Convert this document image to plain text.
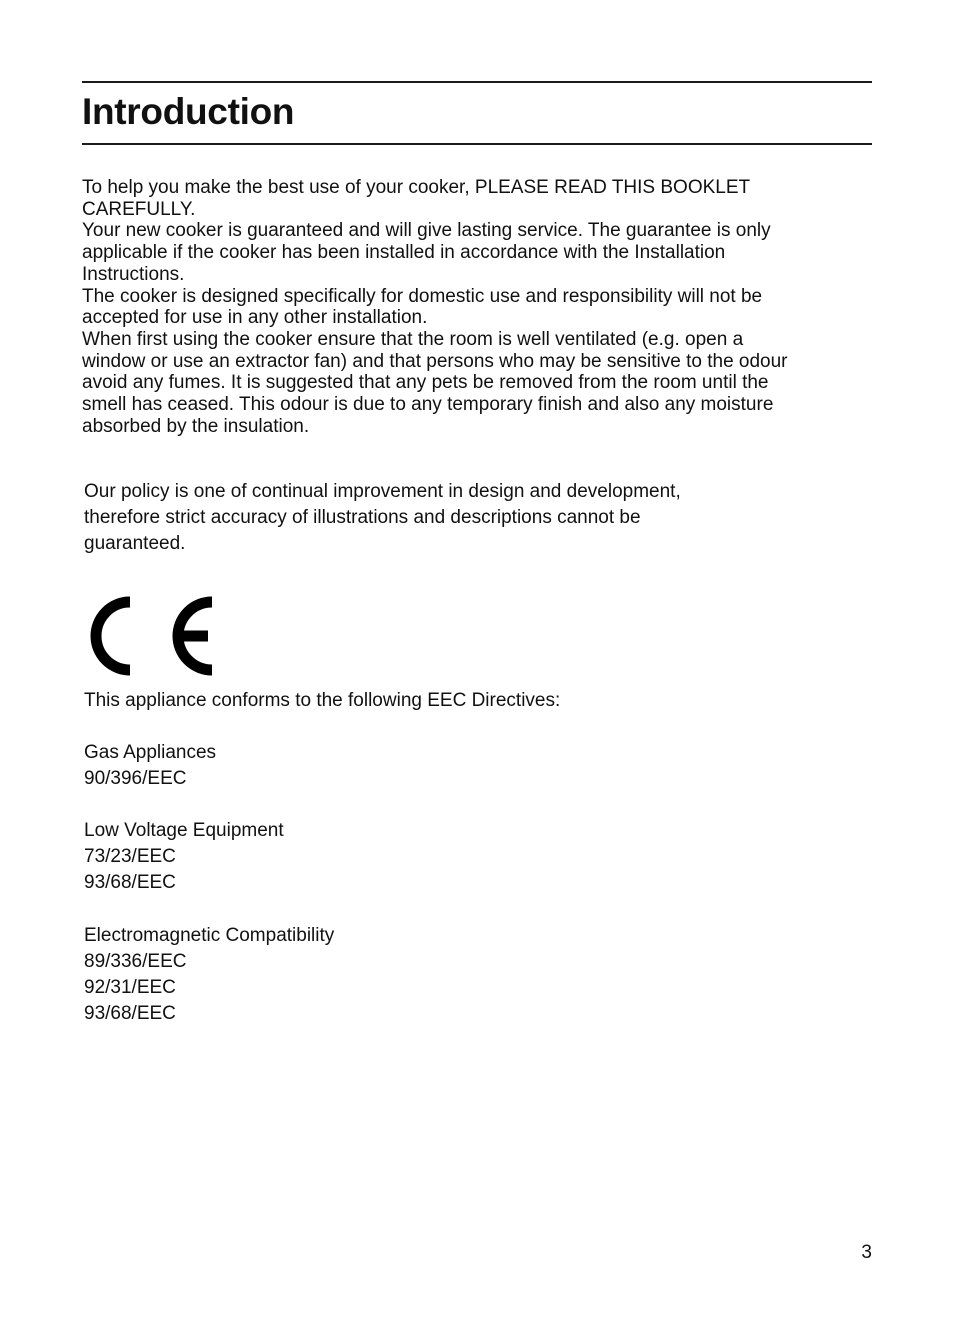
Introduction

To help you make the best use of your cooker, PLEASE READ THIS BOOKLET
CAREFULLY.

Your new cooker is guaranteed and will give lasting service. The guarantee is only
applicable if the cooker has been installed in accordance with the Installation
Instructions.

The cooker is designed specifically for domestic use and responsibility will not be
accepted for use in any other installation.

When first using the cooker ensure that the room is well ventilated (e.g. open a
window or use an extractor fan) and that persons who may be sensitive to the odour
avoid any fumes. It is suggested that any pets be removed from the room until the
smell has ceased. This odour is due to any temporary finish and also any moisture
absorbed by the insulation.

Our policy is one of continual improvement in design and development,
therefore strict accuracy of illustrations and descriptions cannot be
guaranteed.

This appliance conforms to the following EEC Directives:

Gas Appliances
90/396/EEC
Low Voltage Equipment
73/23/EEC
93/68/EEC
Electromagnetic Compatibility
89/336/EEC
92/31/EEC
93/68/EEC
3
